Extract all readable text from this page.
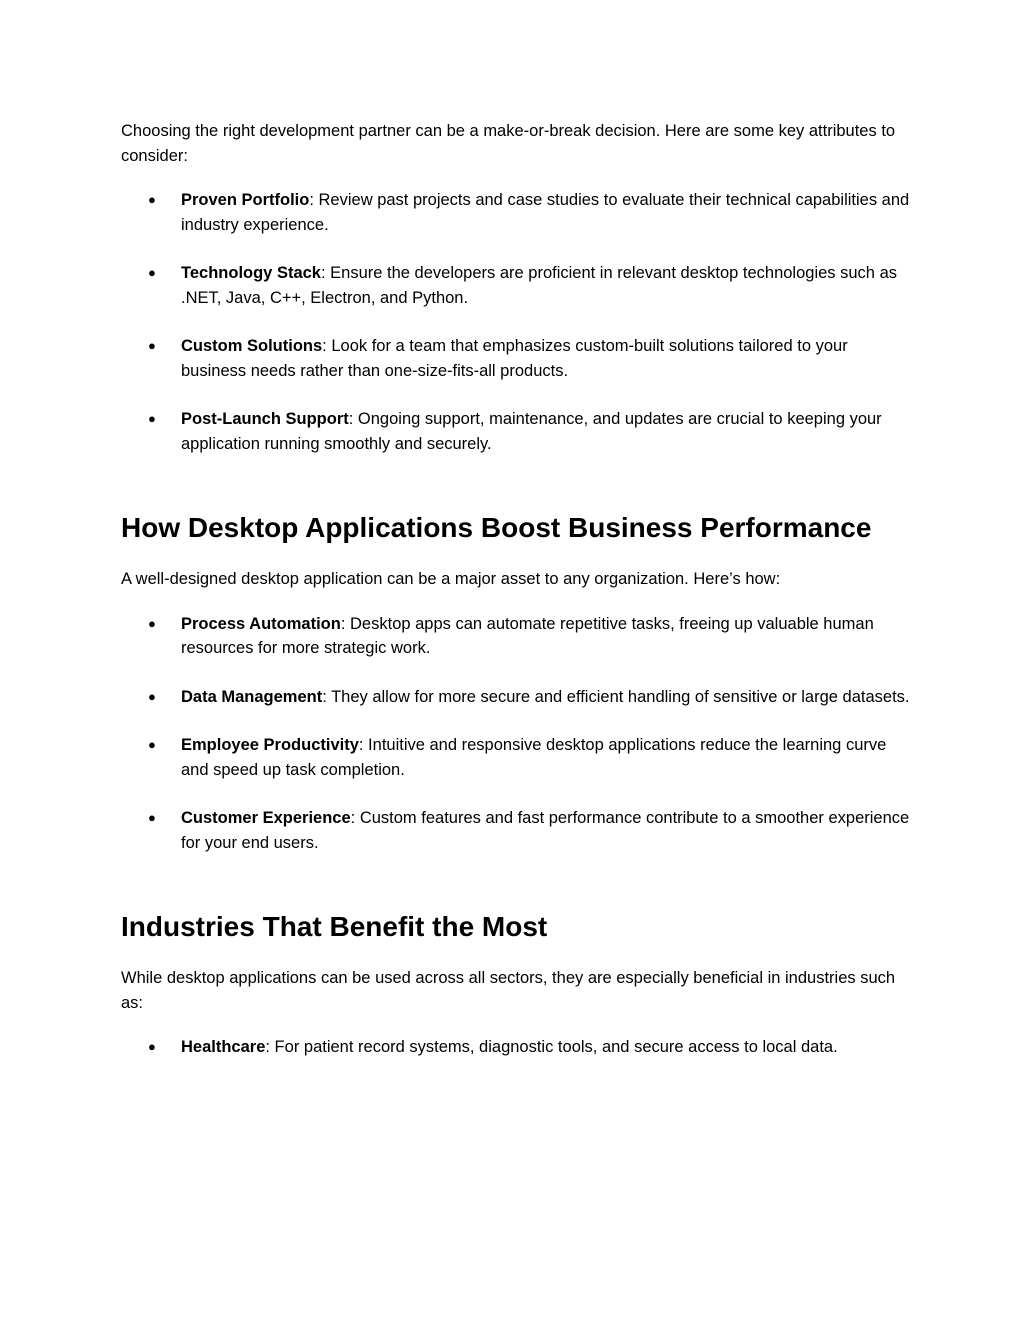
Choosing the right development partner can be a make-or-break decision. Here are some key attributes to consider:

● Proven Portfolio: Review past projects and case studies to evaluate their technical capabilities and industry experience.
● Technology Stack: Ensure the developers are proficient in relevant desktop technologies such as .NET, Java, C++, Electron, and Python.
● Custom Solutions: Look for a team that emphasizes custom-built solutions tailored to your business needs rather than one-size-fits-all products.
● Post-Launch Support: Ongoing support, maintenance, and updates are crucial to keeping your application running smoothly and securely.
How Desktop Applications Boost Business Performance

A well-designed desktop application can be a major asset to any organization. Here’s how:

● Process Automation: Desktop apps can automate repetitive tasks, freeing up valuable human resources for more strategic work.
● Data Management: They allow for more secure and efficient handling of sensitive or large datasets.
● Employee Productivity: Intuitive and responsive desktop applications reduce the learning curve and speed up task completion.
● Customer Experience: Custom features and fast performance contribute to a smoother experience for your end users.
Industries That Benefit the Most

While desktop applications can be used across all sectors, they are especially beneficial in industries such as:

● Healthcare: For patient record systems, diagnostic tools, and secure access to local data.
